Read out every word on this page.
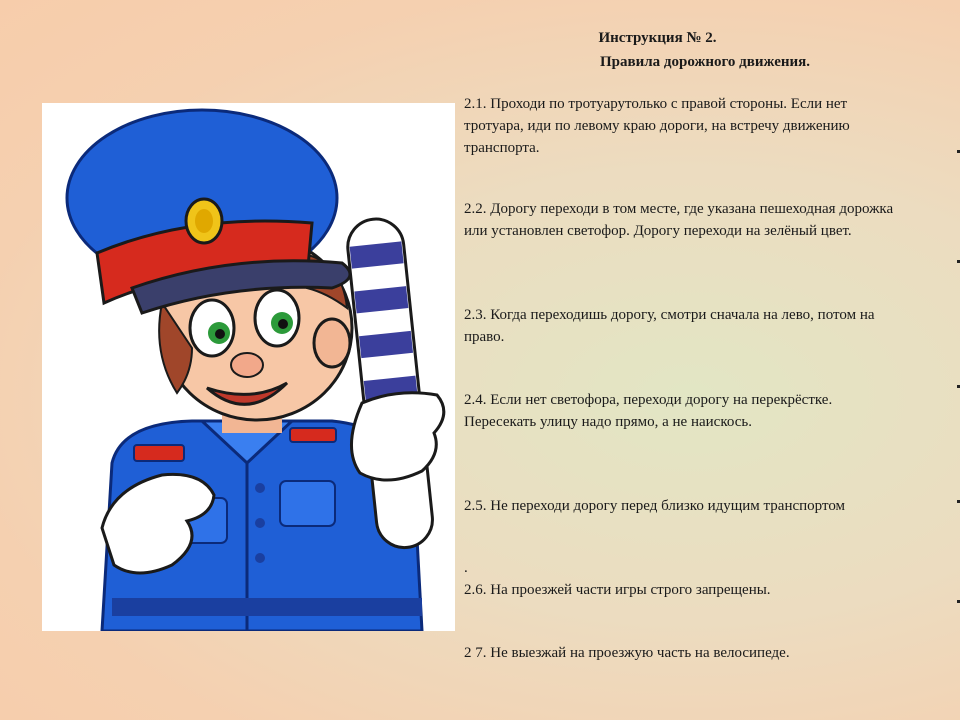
Инструкция № 2.
Правила дорожного движения.
2.1. Проходи по тротуарутолько с правой стороны. Если нет тротуара, иди по левому краю дороги, на встречу движению транспорта.
2.2. Дорогу переходи в том месте, где указана пешеходная дорожка или установлен светофор. Дорогу переходи на зелёный цвет.
2.3. Когда переходишь дорогу, смотри сначала на лево, потом на право.
2.4. Если нет светофора, переходи дорогу на перекрёстке. Пересекать улицу надо прямо, а не наискось.
2.5. Не переходи дорогу перед близко идущим транспортом
.
2.6. На проезжей части игры строго запрещены.
2 7. Не выезжай на проезжую часть на велосипеде.
